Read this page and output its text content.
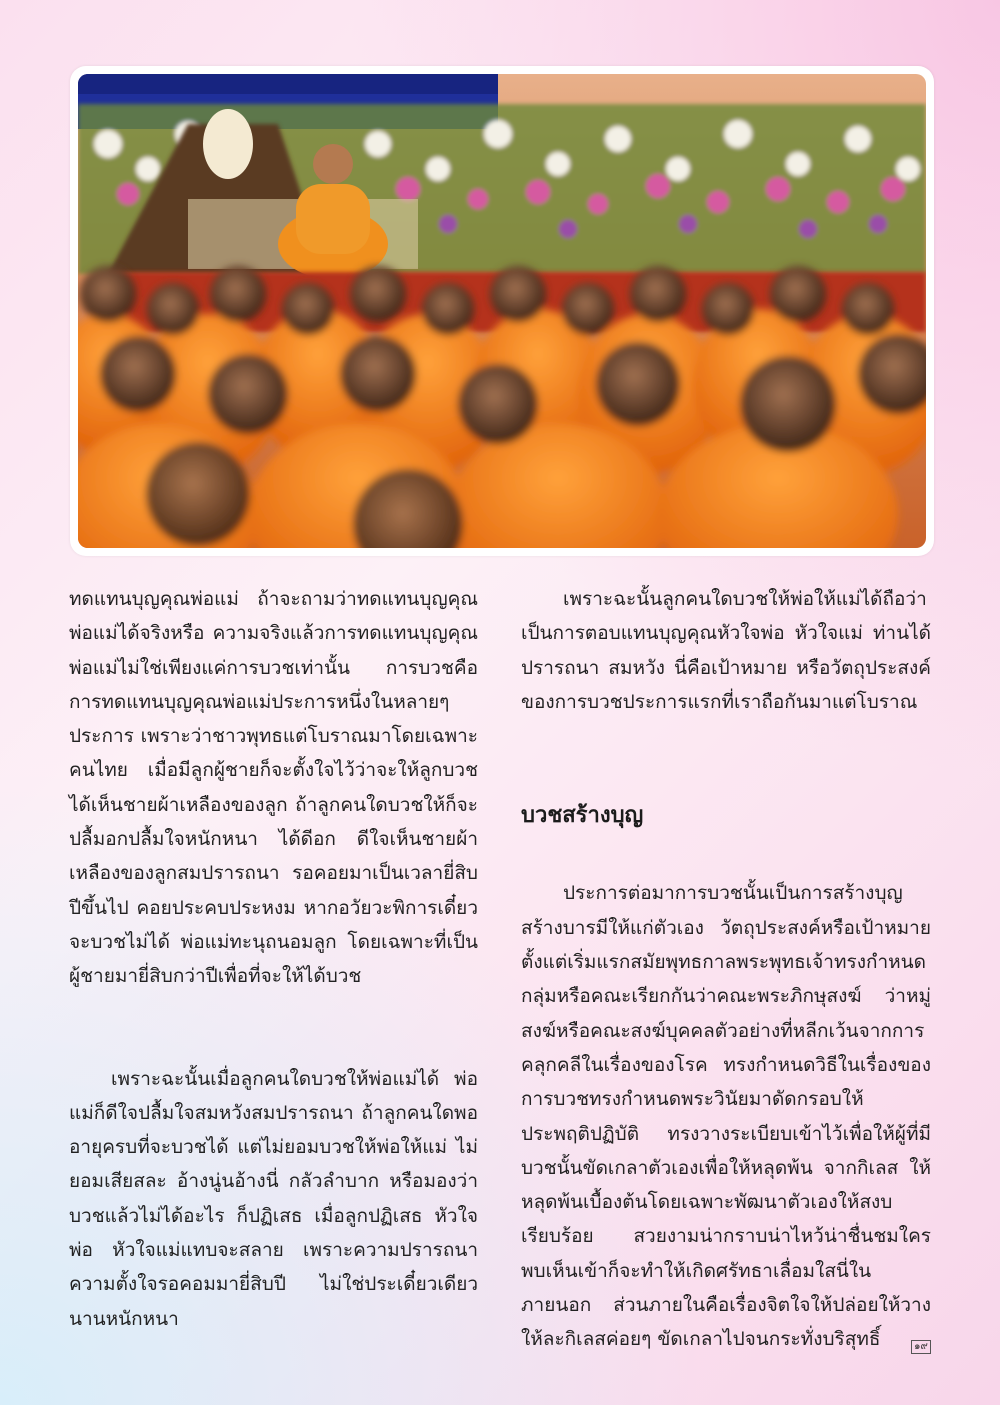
ทดแทนบุญคุณพ่อแม่ ถ้าจะถามว่าทดแทนบุญคุณพ่อแม่ได้จริงหรือ ความจริงแล้วการทดแทนบุญคุณพ่อแม่ไม่ใช่เพียงแค่การบวชเท่านั้น การบวชคือการทดแทนบุญคุณพ่อแม่ประการหนึ่งในหลายๆ ประการ เพราะว่าชาวพุทธแต่โบราณมาโดยเฉพาะคนไทย เมื่อมีลูกผู้ชายก็จะตั้งใจไว้ว่าจะให้ลูกบวชได้เห็นชายผ้าเหลืองของลูก ถ้าลูกคนใดบวชให้ก็จะปลื้มอกปลื้มใจหนักหนา ได้ดีอก ดีใจเห็นชายผ้าเหลืองของลูกสมปรารถนา รอคอยมาเป็นเวลายี่สิบปีขึ้นไป คอยประคบประหงม หากอวัยวะพิการเดี๋ยวจะบวชไม่ได้ พ่อแม่ทะนุถนอมลูก โดยเฉพาะที่เป็นผู้ชายมายี่สิบกว่าปีเพื่อที่จะให้ได้บวช

เพราะฉะนั้นเมื่อลูกคนใดบวชให้พ่อแม่ได้ พ่อแม่ก็ดีใจปลื้มใจสมหวังสมปรารถนา ถ้าลูกคนใดพออายุครบที่จะบวชได้ แต่ไม่ยอมบวชให้พ่อให้แม่ ไม่ยอมเสียสละ อ้างนู่นอ้างนี่ กลัวลำบาก หรือมองว่าบวชแล้วไม่ได้อะไร ก็ปฏิเสธ เมื่อลูกปฏิเสธ หัวใจพ่อ หัวใจแม่แทบจะสลาย เพราะความปรารถนา ความตั้งใจรอคอมมายี่สิบปี ไม่ใช่ประเดี๋ยวเดียว นานหนักหนา

เพราะฉะนั้นลูกคนใดบวชให้พ่อให้แม่ได้ถือว่าเป็นการตอบแทนบุญคุณหัวใจพ่อ หัวใจแม่ ท่านได้ปรารถนา สมหวัง นี่คือเป้าหมาย หรือวัตถุประสงค์ของการบวชประการแรกที่เราถือกันมาแต่โบราณ

บวชสร้างบุญ

ประการต่อมาการบวชนั้นเป็นการสร้างบุญสร้างบารมีให้แก่ตัวเอง วัตถุประสงค์หรือเป้าหมายตั้งแต่เริ่มแรกสมัยพุทธกาลพระพุทธเจ้าทรงกำหนดกลุ่มหรือคณะเรียกกันว่าคณะพระภิกษุสงฆ์ ว่าหมู่สงฆ์หรือคณะสงฆ์บุคคลตัวอย่างที่หลีกเว้นจากการคลุกคลีในเรื่องของโรค ทรงกำหนดวิธีในเรื่องของการบวชทรงกำหนดพระวินัยมาดัดกรอบให้ประพฤติปฏิบัติ ทรงวางระเบียบเข้าไว้เพื่อให้ผู้ที่มีบวชนั้นขัดเกลาตัวเองเพื่อให้หลุดพ้น จากกิเลส ให้หลุดพ้นเบื้องต้นโดยเฉพาะพัฒนาตัวเองให้สงบเรียบร้อย สวยงามน่ากราบน่าไหว้น่าชื่นชมใครพบเห็นเข้าก็จะทำให้เกิดศรัทธาเลื่อมใสนี่ในภายนอก ส่วนภายในคือเรื่องจิตใจให้ปล่อยให้วางให้ละกิเลสค่อยๆ ขัดเกลาไปจนกระทั่งบริสุทธิ์	๑๙
